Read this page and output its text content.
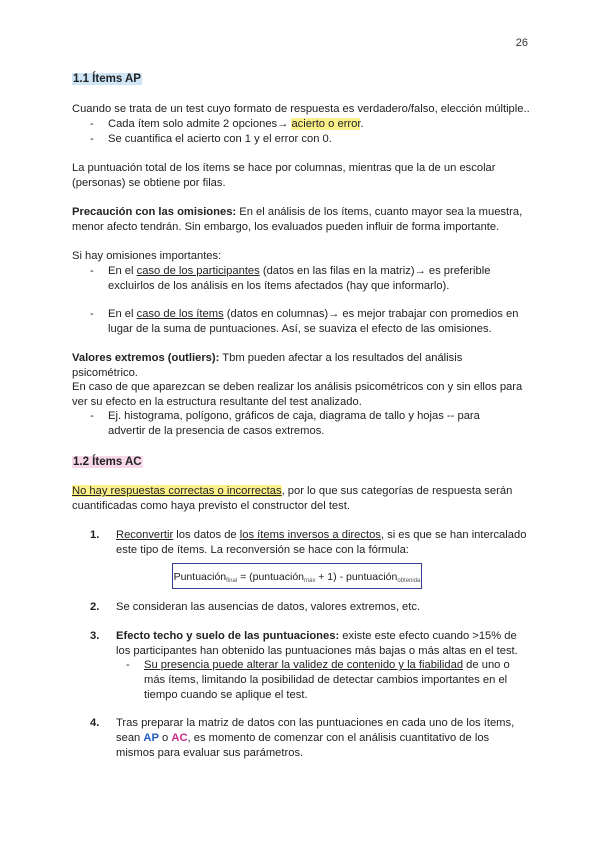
26
1.1 Ítems AP
Cuando se trata de un test cuyo formato de respuesta es verdadero/falso, elección múltiple..
-	Cada ítem solo admite 2 opciones→ acierto o error.
-	Se cuantifica el acierto con 1 y el error con 0.
La puntuación total de los ítems se hace por columnas, mientras que la de un escolar (personas) se obtiene por filas.
Precaución con las omisiones: En el análisis de los ítems, cuanto mayor sea la muestra, menor afecto tendrán. Sin embargo, los evaluados pueden influir de forma importante.
Si hay omisiones importantes:
-	En el caso de los participantes (datos en las filas en la matriz)→ es preferible excluirlos de los análisis en los ítems afectados (hay que informarlo).
-	En el caso de los ítems (datos en columnas)→ es mejor trabajar con promedios en lugar de la suma de puntuaciones. Así, se suaviza el efecto de las omisiones.
Valores extremos (outliers): Tbm pueden afectar a los resultados del análisis psicométrico.
En caso de que aparezcan se deben realizar los análisis psicométricos con y sin ellos para ver su efecto en la estructura resultante del test analizado.
-	Ej. histograma, polígono, gráficos de caja, diagrama de tallo y hojas -- para advertir de la presencia de casos extremos.
1.2 Ítems AC
No hay respuestas correctas o incorrectas, por lo que sus categorías de respuesta serán cuantificadas como haya previsto el constructor del test.
1.	Reconvertir los datos de los ítems inversos a directos, si es que se han intercalado este tipo de ítems. La reconversión se hace con la fórmula:
Puntuación$_{final}$ = (puntuación$_{máx}$ + 1) - puntuación$_{obtenida}$
2.	Se consideran las ausencias de datos, valores extremos, etc.
3.	Efecto techo y suelo de las puntuaciones: existe este efecto cuando >15% de los participantes han obtenido las puntuaciones más bajas o más altas en el test.
-	Su presencia puede alterar la validez de contenido y la fiabilidad de uno o más ítems, limitando la posibilidad de detectar cambios importantes en el tiempo cuando se aplique el test.
4.	Tras preparar la matriz de datos con las puntuaciones en cada uno de los ítems, sean AP o AC, es momento de comenzar con el análisis cuantitativo de los mismos para evaluar sus parámetros.
